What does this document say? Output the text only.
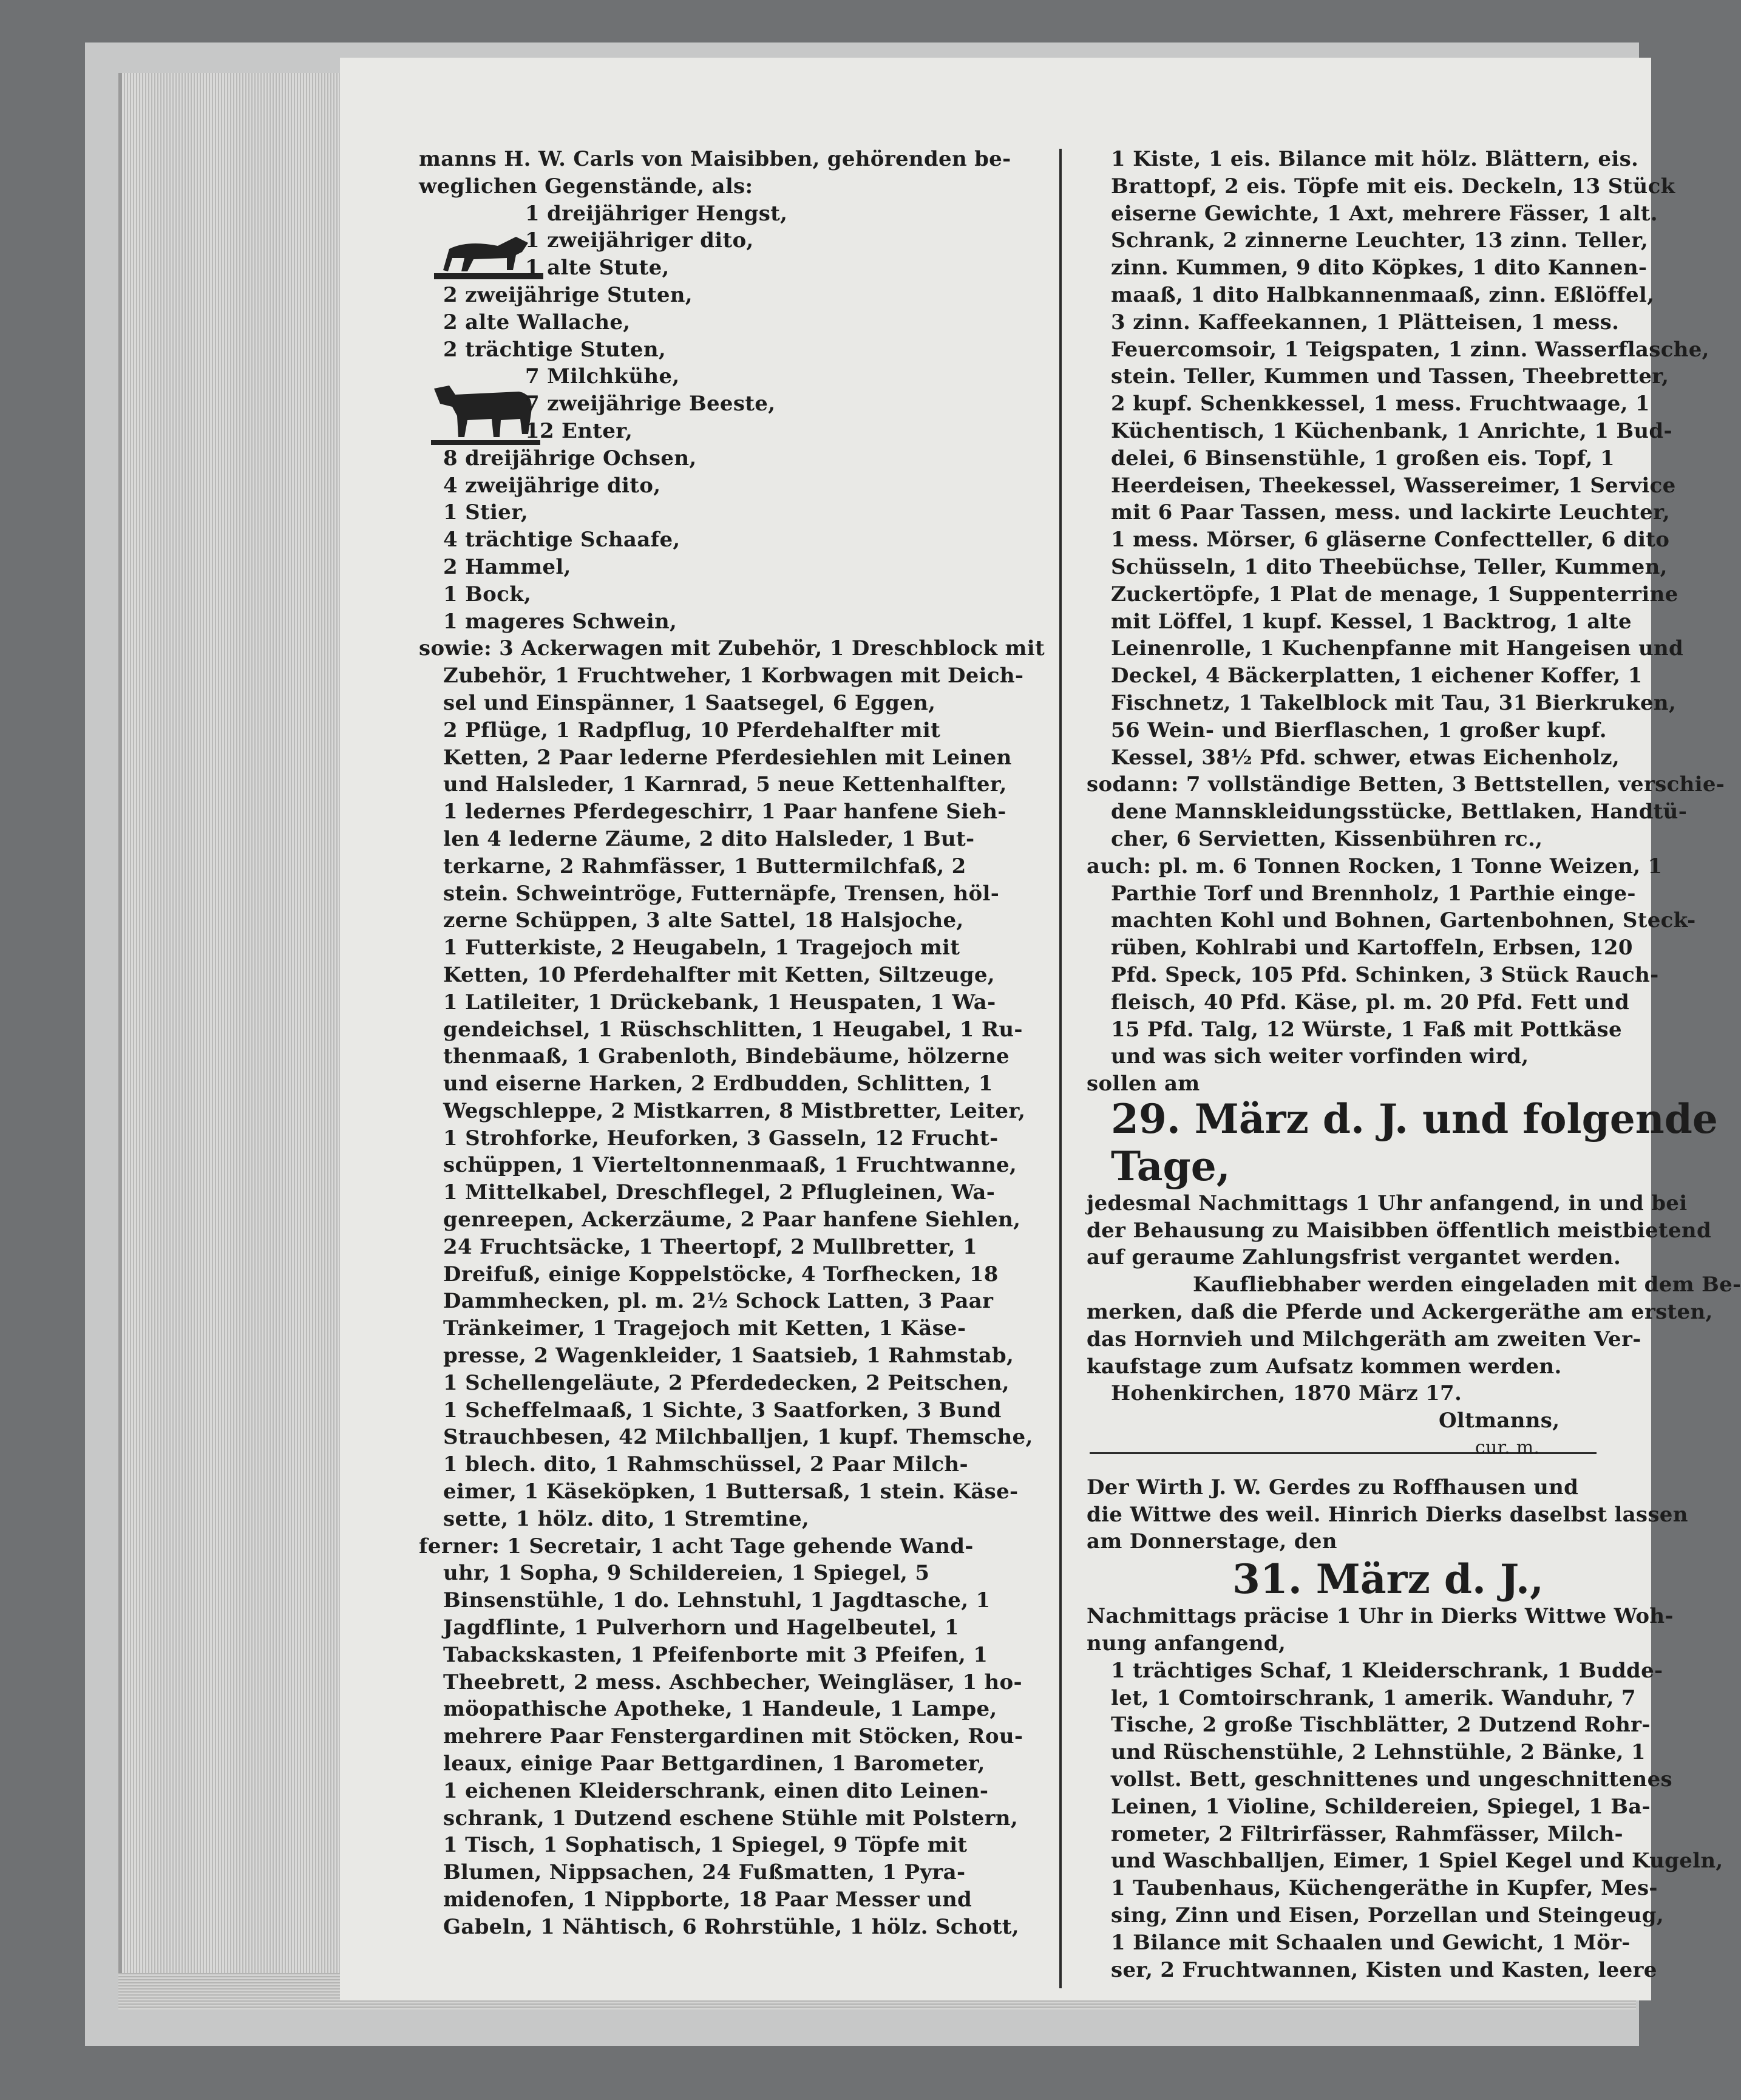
manns H. W. Carls von Maisibben, gehörenden be-
weglichen Gegenstände, als:
1 dreijähriger Hengst,
1 zweijähriger dito,
1 alte Stute,
2 zweijährige Stuten,
2 alte Wallache,
2 trächtige Stuten,
7 Milchkühe,
7 zweijährige Beeste,
12 Enter,
8 dreijährige Ochsen,
4 zweijährige dito,
1 Stier,
4 trächtige Schaafe,
2 Hammel,
1 Bock,
1 mageres Schwein,
sowie: 3 Ackerwagen mit Zubehör, 1 Dreschblock mit
Zubehör, 1 Fruchtweher, 1 Korbwagen mit Deich-
sel und Einspänner, 1 Saatsegel, 6 Eggen,
2 Pflüge, 1 Radpflug, 10 Pferdehalfter mit
Ketten, 2 Paar lederne Pferdesiehlen mit Leinen
und Halsleder, 1 Karnrad, 5 neue Kettenhalfter,
1 ledernes Pferdegeschirr, 1 Paar hanfene Sieh-
len 4 lederne Zäume, 2 dito Halsleder, 1 But-
terkarne, 2 Rahmfässer, 1 Buttermilchfaß, 2
stein. Schweintröge, Futternäpfe, Trensen, höl-
zerne Schüppen, 3 alte Sattel, 18 Halsjoche,
1 Futterkiste, 2 Heugabeln, 1 Tragejoch mit
Ketten, 10 Pferdehalfter mit Ketten, Siltzeuge,
1 Latileiter, 1 Drückebank, 1 Heuspaten, 1 Wa-
gendeichsel, 1 Rüschschlitten, 1 Heugabel, 1 Ru-
thenmaaß, 1 Grabenloth, Bindebäume, hölzerne
und eiserne Harken, 2 Erdbudden, Schlitten, 1
Wegschleppe, 2 Mistkarren, 8 Mistbretter, Leiter,
1 Strohforke, Heuforken, 3 Gasseln, 12 Frucht-
schüppen, 1 Vierteltonnenmaaß, 1 Fruchtwanne,
1 Mittelkabel, Dreschflegel, 2 Pflugleinen, Wa-
genreepen, Ackerzäume, 2 Paar hanfene Siehlen,
24 Fruchtsäcke, 1 Theertopf, 2 Mullbretter, 1
Dreifuß, einige Koppelstöcke, 4 Torfhecken, 18
Dammhecken, pl. m. 2½ Schock Latten, 3 Paar
Tränkeimer, 1 Tragejoch mit Ketten, 1 Käse-
presse, 2 Wagenkleider, 1 Saatsieb, 1 Rahmstab,
1 Schellengeläute, 2 Pferdedecken, 2 Peitschen,
1 Scheffelmaaß, 1 Sichte, 3 Saatforken, 3 Bund
Strauchbesen, 42 Milchballjen, 1 kupf. Themsche,
1 blech. dito, 1 Rahmschüssel, 2 Paar Milch-
eimer, 1 Käseköpken, 1 Buttersaß, 1 stein. Käse-
sette, 1 hölz. dito, 1 Stremtine,
ferner: 1 Secretair, 1 acht Tage gehende Wand-
uhr, 1 Sopha, 9 Schildereien, 1 Spiegel, 5
Binsenstühle, 1 do. Lehnstuhl, 1 Jagdtasche, 1
Jagdflinte, 1 Pulverhorn und Hagelbeutel, 1
Tabackskasten, 1 Pfeifenborte mit 3 Pfeifen, 1
Theebrett, 2 mess. Aschbecher, Weingläser, 1 ho-
möopathische Apotheke, 1 Handeule, 1 Lampe,
mehrere Paar Fenstergardinen mit Stöcken, Rou-
leaux, einige Paar Bettgardinen, 1 Barometer,
1 eichenen Kleiderschrank, einen dito Leinen-
schrank, 1 Dutzend eschene Stühle mit Polstern,
1 Tisch, 1 Sophatisch, 1 Spiegel, 9 Töpfe mit
Blumen, Nippsachen, 24 Fußmatten, 1 Pyra-
midenofen, 1 Nippborte, 18 Paar Messer und
Gabeln, 1 Nähtisch, 6 Rohrstühle, 1 hölz. Schott,
1 Kiste, 1 eis. Bilance mit hölz. Blättern, eis.
Brattopf, 2 eis. Töpfe mit eis. Deckeln, 13 Stück
eiserne Gewichte, 1 Axt, mehrere Fässer, 1 alt.
Schrank, 2 zinnerne Leuchter, 13 zinn. Teller,
zinn. Kummen, 9 dito Köpkes, 1 dito Kannen-
maaß, 1 dito Halbkannenmaaß, zinn. Eßlöffel,
3 zinn. Kaffeekannen, 1 Plätteisen, 1 mess.
Feuercomsoir, 1 Teigspaten, 1 zinn. Wasserflasche,
stein. Teller, Kummen und Tassen, Theebretter,
2 kupf. Schenkkessel, 1 mess. Fruchtwaage, 1
Küchentisch, 1 Küchenbank, 1 Anrichte, 1 Bud-
delei, 6 Binsenstühle, 1 großen eis. Topf, 1
Heerdeisen, Theekessel, Wassereimer, 1 Service
mit 6 Paar Tassen, mess. und lackirte Leuchter,
1 mess. Mörser, 6 gläserne Confectteller, 6 dito
Schüsseln, 1 dito Theebüchse, Teller, Kummen,
Zuckertöpfe, 1 Plat de menage, 1 Suppenterrine
mit Löffel, 1 kupf. Kessel, 1 Backtrog, 1 alte
Leinenrolle, 1 Kuchenpfanne mit Hangeisen und
Deckel, 4 Bäckerplatten, 1 eichener Koffer, 1
Fischnetz, 1 Takelblock mit Tau, 31 Bierkruken,
56 Wein- und Bierflaschen, 1 großer kupf.
Kessel, 38½ Pfd. schwer, etwas Eichenholz,
sodann: 7 vollständige Betten, 3 Bettstellen, verschie-
dene Mannskleidungsstücke, Bettlaken, Handtü-
cher, 6 Servietten, Kissenbühren rc.,
auch: pl. m. 6 Tonnen Rocken, 1 Tonne Weizen, 1
Parthie Torf und Brennholz, 1 Parthie einge-
machten Kohl und Bohnen, Gartenbohnen, Steck-
rüben, Kohlrabi und Kartoffeln, Erbsen, 120
Pfd. Speck, 105 Pfd. Schinken, 3 Stück Rauch-
fleisch, 40 Pfd. Käse, pl. m. 20 Pfd. Fett und
15 Pfd. Talg, 12 Würste, 1 Faß mit Pottkäse
und was sich weiter vorfinden wird,
sollen am
29. März d. J. und folgende
Tage,
jedesmal Nachmittags 1 Uhr anfangend, in und bei
der Behausung zu Maisibben öffentlich meistbietend
auf geraume Zahlungsfrist vergantet werden.
Kaufliebhaber werden eingeladen mit dem Be-
merken, daß die Pferde und Ackergeräthe am ersten,
das Hornvieh und Milchgeräth am zweiten Ver-
kaufstage zum Aufsatz kommen werden.
Hohenkirchen, 1870 März 17.
Oltmanns,
cur. m.
Der Wirth J. W. Gerdes zu Roffhausen und
die Wittwe des weil. Hinrich Dierks daselbst lassen
am Donnerstage, den
31. März d. J.,
Nachmittags präcise 1 Uhr in Dierks Wittwe Woh-
nung anfangend,
1 trächtiges Schaf, 1 Kleiderschrank, 1 Budde-
let, 1 Comtoirschrank, 1 amerik. Wanduhr, 7
Tische, 2 große Tischblätter, 2 Dutzend Rohr-
und Rüschenstühle, 2 Lehnstühle, 2 Bänke, 1
vollst. Bett, geschnittenes und ungeschnittenes
Leinen, 1 Violine, Schildereien, Spiegel, 1 Ba-
rometer, 2 Filtrirfässer, Rahmfässer, Milch-
und Waschballjen, Eimer, 1 Spiel Kegel und Kugeln,
1 Taubenhaus, Küchengeräthe in Kupfer, Mes-
sing, Zinn und Eisen, Porzellan und Steingeug,
1 Bilance mit Schaalen und Gewicht, 1 Mör-
ser, 2 Fruchtwannen, Kisten und Kasten, leere
